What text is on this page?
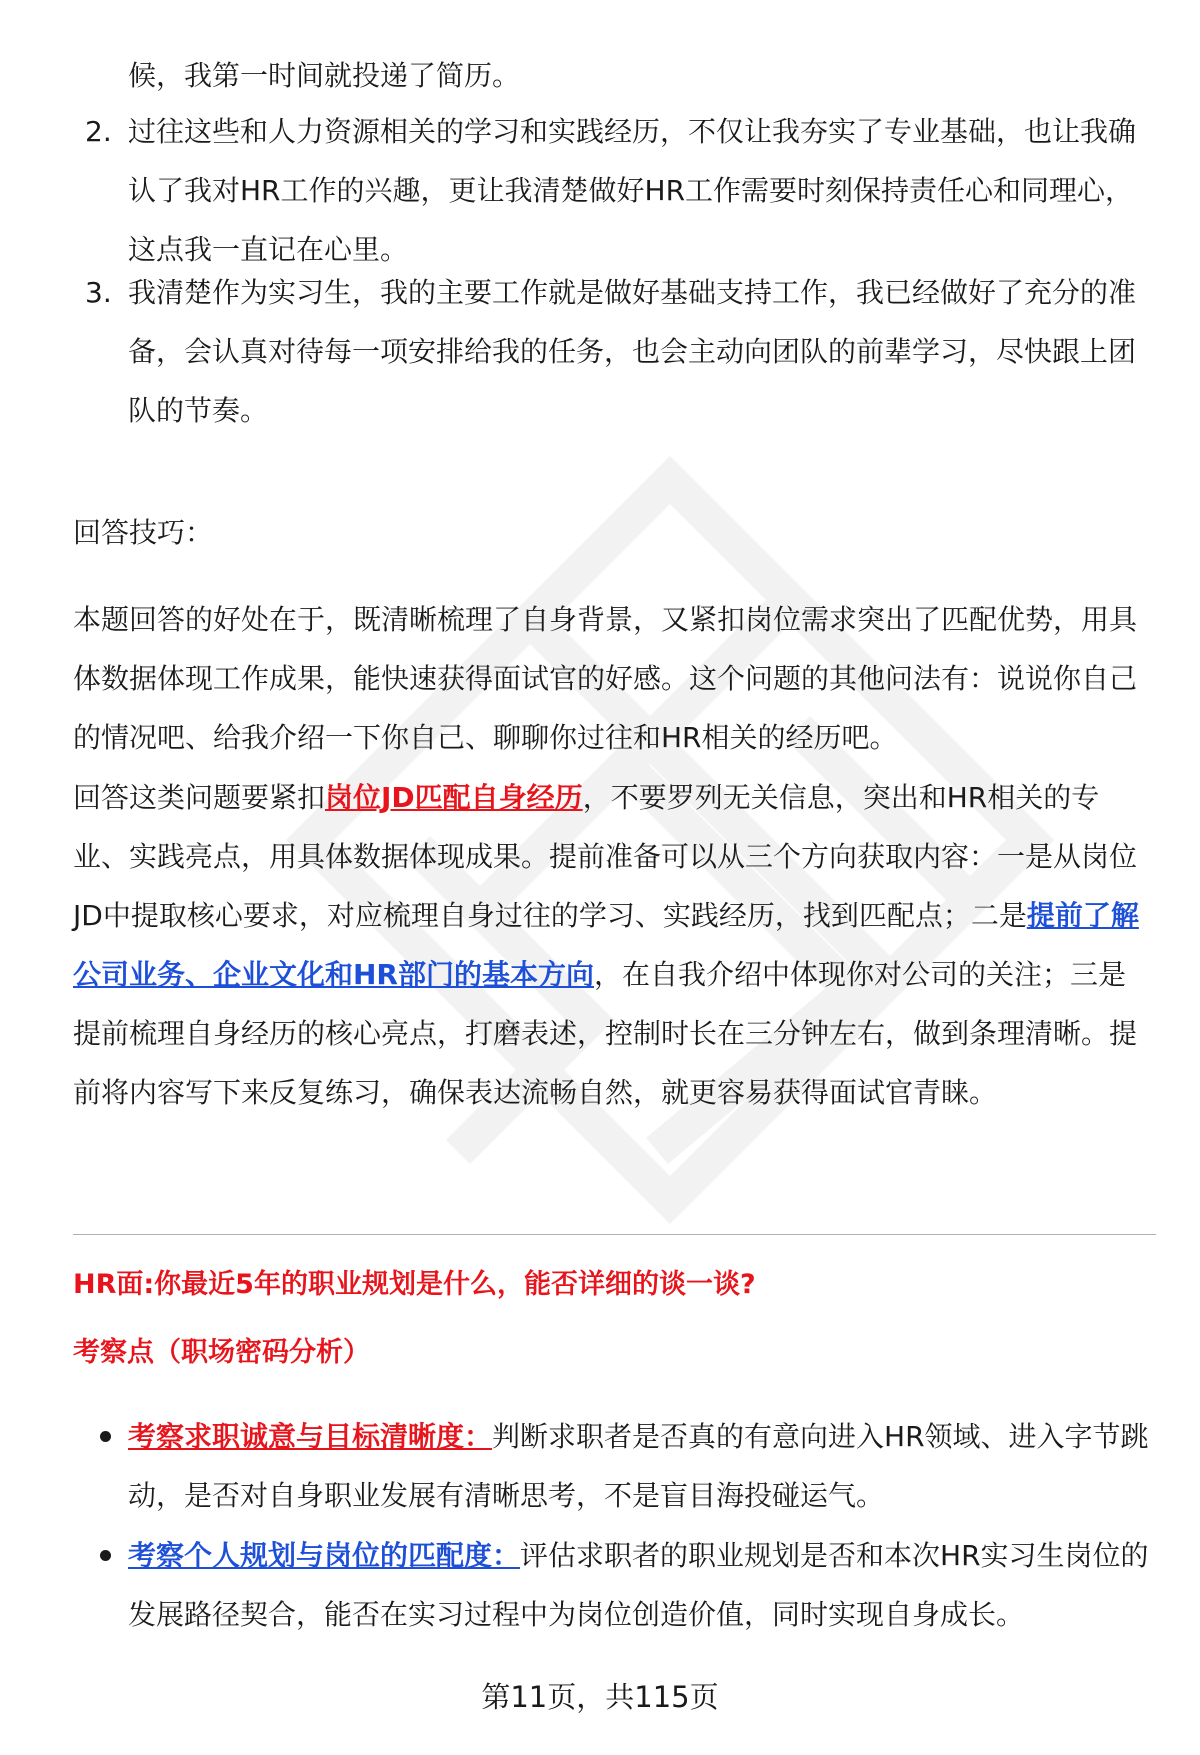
候，我第一时间就投递了简历。

2. 过往这些和人力资源相关的学习和实践经历，不仅让我夯实了专业基础，也让我确认了我对HR工作的兴趣，更让我清楚做好HR工作需要时刻保持责任心和同理心，这点我一直记在心里。

3. 我清楚作为实习生，我的主要工作就是做好基础支持工作，我已经做好了充分的准备，会认真对待每一项安排给我的任务，也会主动向团队的前辈学习，尽快跟上团队的节奏。

回答技巧：

本题回答的好处在于，既清晰梳理了自身背景，又紧扣岗位需求突出了匹配优势，用具体数据体现工作成果，能快速获得面试官的好感。这个问题的其他问法有：说说你自己的情况吧、给我介绍一下你自己、聊聊你过往和HR相关的经历吧。

回答这类问题要紧扣岗位JD匹配自身经历，不要罗列无关信息，突出和HR相关的专业、实践亮点，用具体数据体现成果。提前准备可以从三个方向获取内容：一是从岗位JD中提取核心要求，对应梳理自身过往的学习、实践经历，找到匹配点；二是提前了解公司业务、企业文化和HR部门的基本方向，在自我介绍中体现你对公司的关注；三是提前梳理自身经历的核心亮点，打磨表述，控制时长在三分钟左右，做到条理清晰。提前将内容写下来反复练习，确保表达流畅自然，就更容易获得面试官青睐。

HR面:你最近5年的职业规划是什么，能否详细的谈一谈?
考察点（职场密码分析）

考察求职诚意与目标清晰度：判断求职者是否真的有意向进入HR领域、进入字节跳动，是否对自身职业发展有清晰思考，不是盲目海投碰运气。

考察个人规划与岗位的匹配度：评估求职者的职业规划是否和本次HR实习生岗位的发展路径契合，能否在实习过程中为岗位创造价值，同时实现自身成长。

第11页，共115页
